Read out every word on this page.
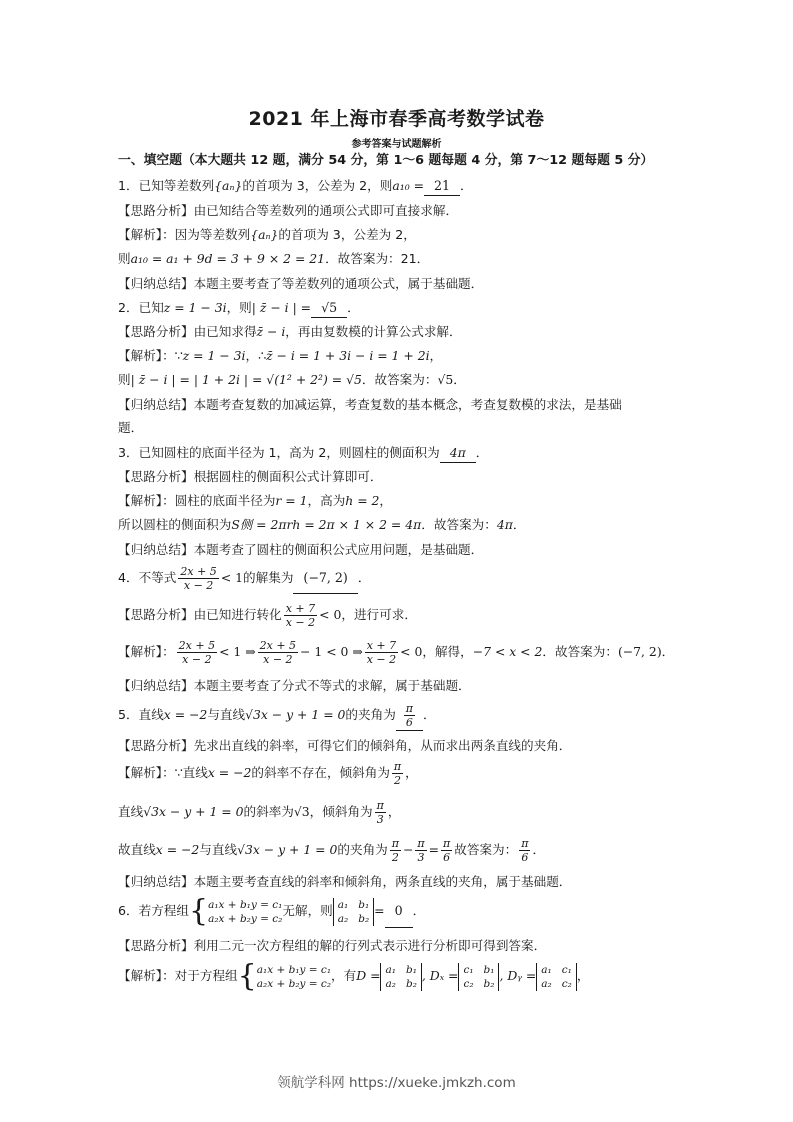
2021 年上海市春季高考数学试卷
参考答案与试题解析
一、填空题（本大题共 12 题，满分 54 分，第 1～6 题每题 4 分，第 7～12 题每题 5 分）
1．已知等差数列{aₙ}的首项为 3，公差为 2，则a₁₀ = 21 ．
【思路分析】由已知结合等差数列的通项公式即可直接求解．
【解析】：因为等差数列{aₙ}的首项为 3，公差为 2，
则a₁₀ = a₁ + 9d = 3 + 9 × 2 = 21．故答案为：21．
【归纳总结】本题主要考查了等差数列的通项公式，属于基础题．
2．已知z = 1 − 3i，则| z̄ − i | = √5 ．
【思路分析】由已知求得z̄ − i，再由复数模的计算公式求解．
【解析】：∵z = 1 − 3i，∴z̄ − i = 1 + 3i − i = 1 + 2i，
则| z̄ − i | = | 1 + 2i | = √(1² + 2²) = √5．故答案为：√5．
【归纳总结】本题考查复数的加减运算，考查复数的基本概念，考查复数模的求法，是基础
题．
3．已知圆柱的底面半径为 1，高为 2，则圆柱的侧面积为 4π ．
【思路分析】根据圆柱的侧面积公式计算即可．
【解析】：圆柱的底面半径为r = 1，高为h = 2，
所以圆柱的侧面积为S侧 = 2πrh = 2π × 1 × 2 = 4π．故答案为：4π．
【归纳总结】本题考查了圆柱的侧面积公式应用问题，是基础题．
4．不等式 $\frac{2x + 5}{x - 2} < 1$的解集为 (−7, 2) ．
【思路分析】由已知进行转化 $\frac{x + 7}{x - 2} < 0$，进行可求．
【解析】： $\frac{2x + 5}{x - 2} < 1$ ⇒ $\frac{2x + 5}{x - 2} - 1 < 0$ ⇒ $\frac{x + 7}{x - 2} < 0$，解得，−7 < x < 2．故答案为：(−7, 2)．
【归纳总结】本题主要考查了分式不等式的求解，属于基础题．
5．直线x = −2与直线√3x − y + 1 = 0的夹角为 $\frac{\pi}{6}$ ．
【思路分析】先求出直线的斜率，可得它们的倾斜角，从而求出两条直线的夹角．
【解析】：∵直线x = −2的斜率不存在，倾斜角为 $\frac{\pi}{2}$ ，
直线√3x − y + 1 = 0的斜率为√3，倾斜角为 $\frac{\pi}{3}$ ，
故直线x = −2与直线√3x − y + 1 = 0的夹角为 $\frac{\pi}{2} - \frac{\pi}{3} = \frac{\pi}{6}$ 故答案为： $\frac{\pi}{6}$ ．
【归纳总结】本题主要考查直线的斜率和倾斜角，两条直线的夹角，属于基础题．
6．若方程组{ a₁x + b₁y = c₁
a₂x + b₂y = c₂
无解，则 a₁ b₁
a₂ b₂
= 0 ．
【思路分析】利用二元一次方程组的解的行列式表示进行分析即可得到答案．
【解析】：对于方程组{ a₁x + b₁y = c₁
a₂x + b₂y = c₂
，有D = a₁ b₁
a₂ b₂
, Dₓ = c₁ b₁
c₂ b₂
, Dᵧ = a₁ c₁
a₂ c₂
，
领航学科网 https://xueke.jmkzh.com
